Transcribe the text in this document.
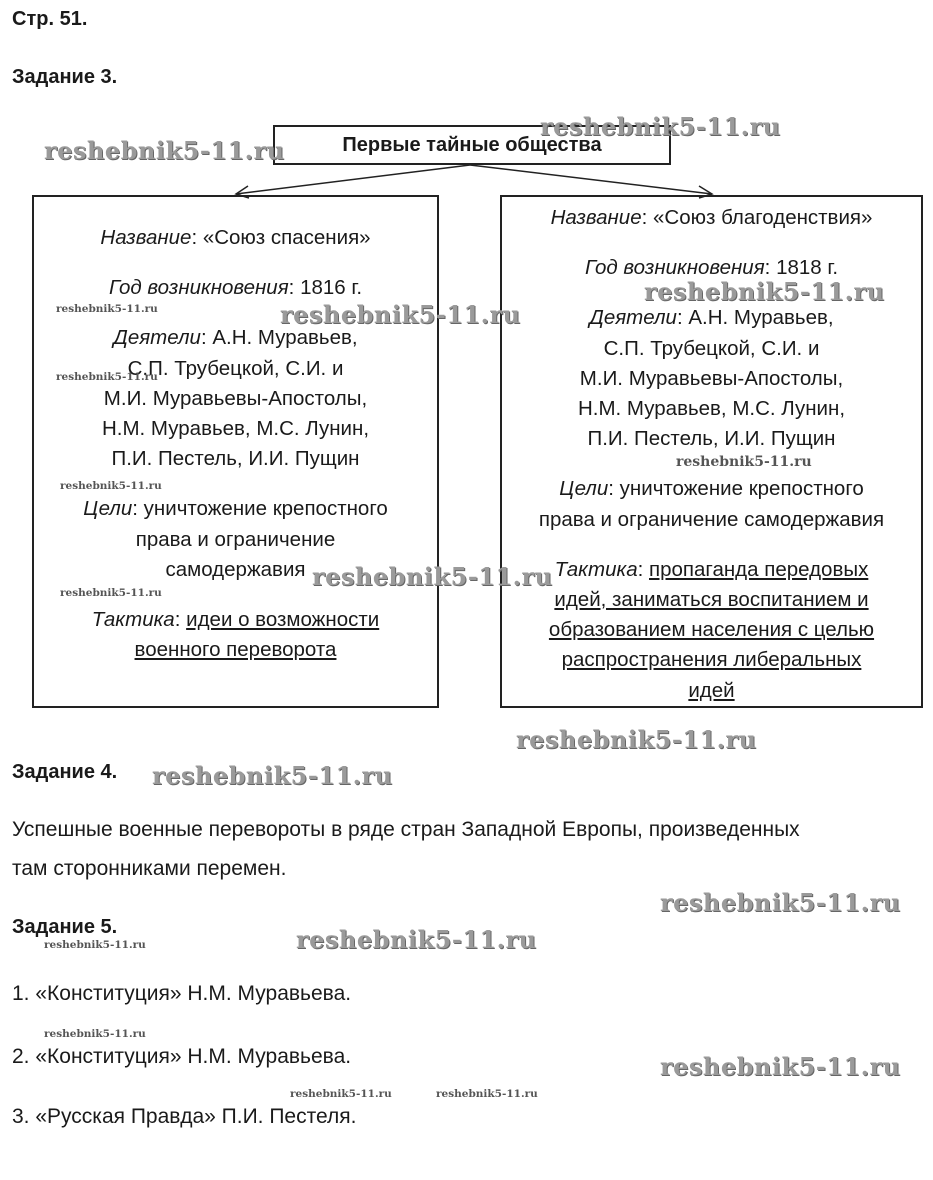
Стр. 51.
Задание 3.
Первые тайные общества
Название: «Союз спасения»
Год возникновения: 1816 г.
Деятели: А.Н. Муравьев,
С.П. Трубецкой, С.И. и
М.И. Муравьевы-Апостолы,
Н.М. Муравьев, М.С. Лунин,
П.И. Пестель, И.И. Пущин
Цели: уничтожение крепостного
права и ограничение
самодержавия
Тактика: идеи о возможности
военного переворота
Название: «Союз благоденствия»
Год возникновения: 1818 г.
Деятели: А.Н. Муравьев,
С.П. Трубецкой, С.И. и
М.И. Муравьевы-Апостолы,
Н.М. Муравьев, М.С. Лунин,
П.И. Пестель, И.И. Пущин
Цели: уничтожение крепостного
права и ограничение самодержавия
Тактика: пропаганда передовых
идей, заниматься воспитанием и
образованием населения с целью
распространения либеральных
идей
Задание 4.
Успешные военные перевороты в ряде стран Западной Европы, произведенных
там сторонниками перемен.
Задание 5.
1. «Конституция» Н.М. Муравьева.
2. «Конституция» Н.М. Муравьева.
3. «Русская Правда» П.И. Пестеля.
reshebnik5-11.ru
reshebnik5-11.ru
reshebnik5-11.ru
reshebnik5-11.ru
reshebnik5-11.ru
reshebnik5-11.ru
reshebnik5-11.ru
reshebnik5-11.ru
reshebnik5-11.ru
reshebnik5-11.ru
reshebnik5-11.ru
reshebnik5-11.ru
reshebnik5-11.ru
reshebnik5-11.ru
reshebnik5-11.ru
reshebnik5-11.ru
reshebnik5-11.ru
reshebnik5-11.ru	reshebnik5-11.ru
